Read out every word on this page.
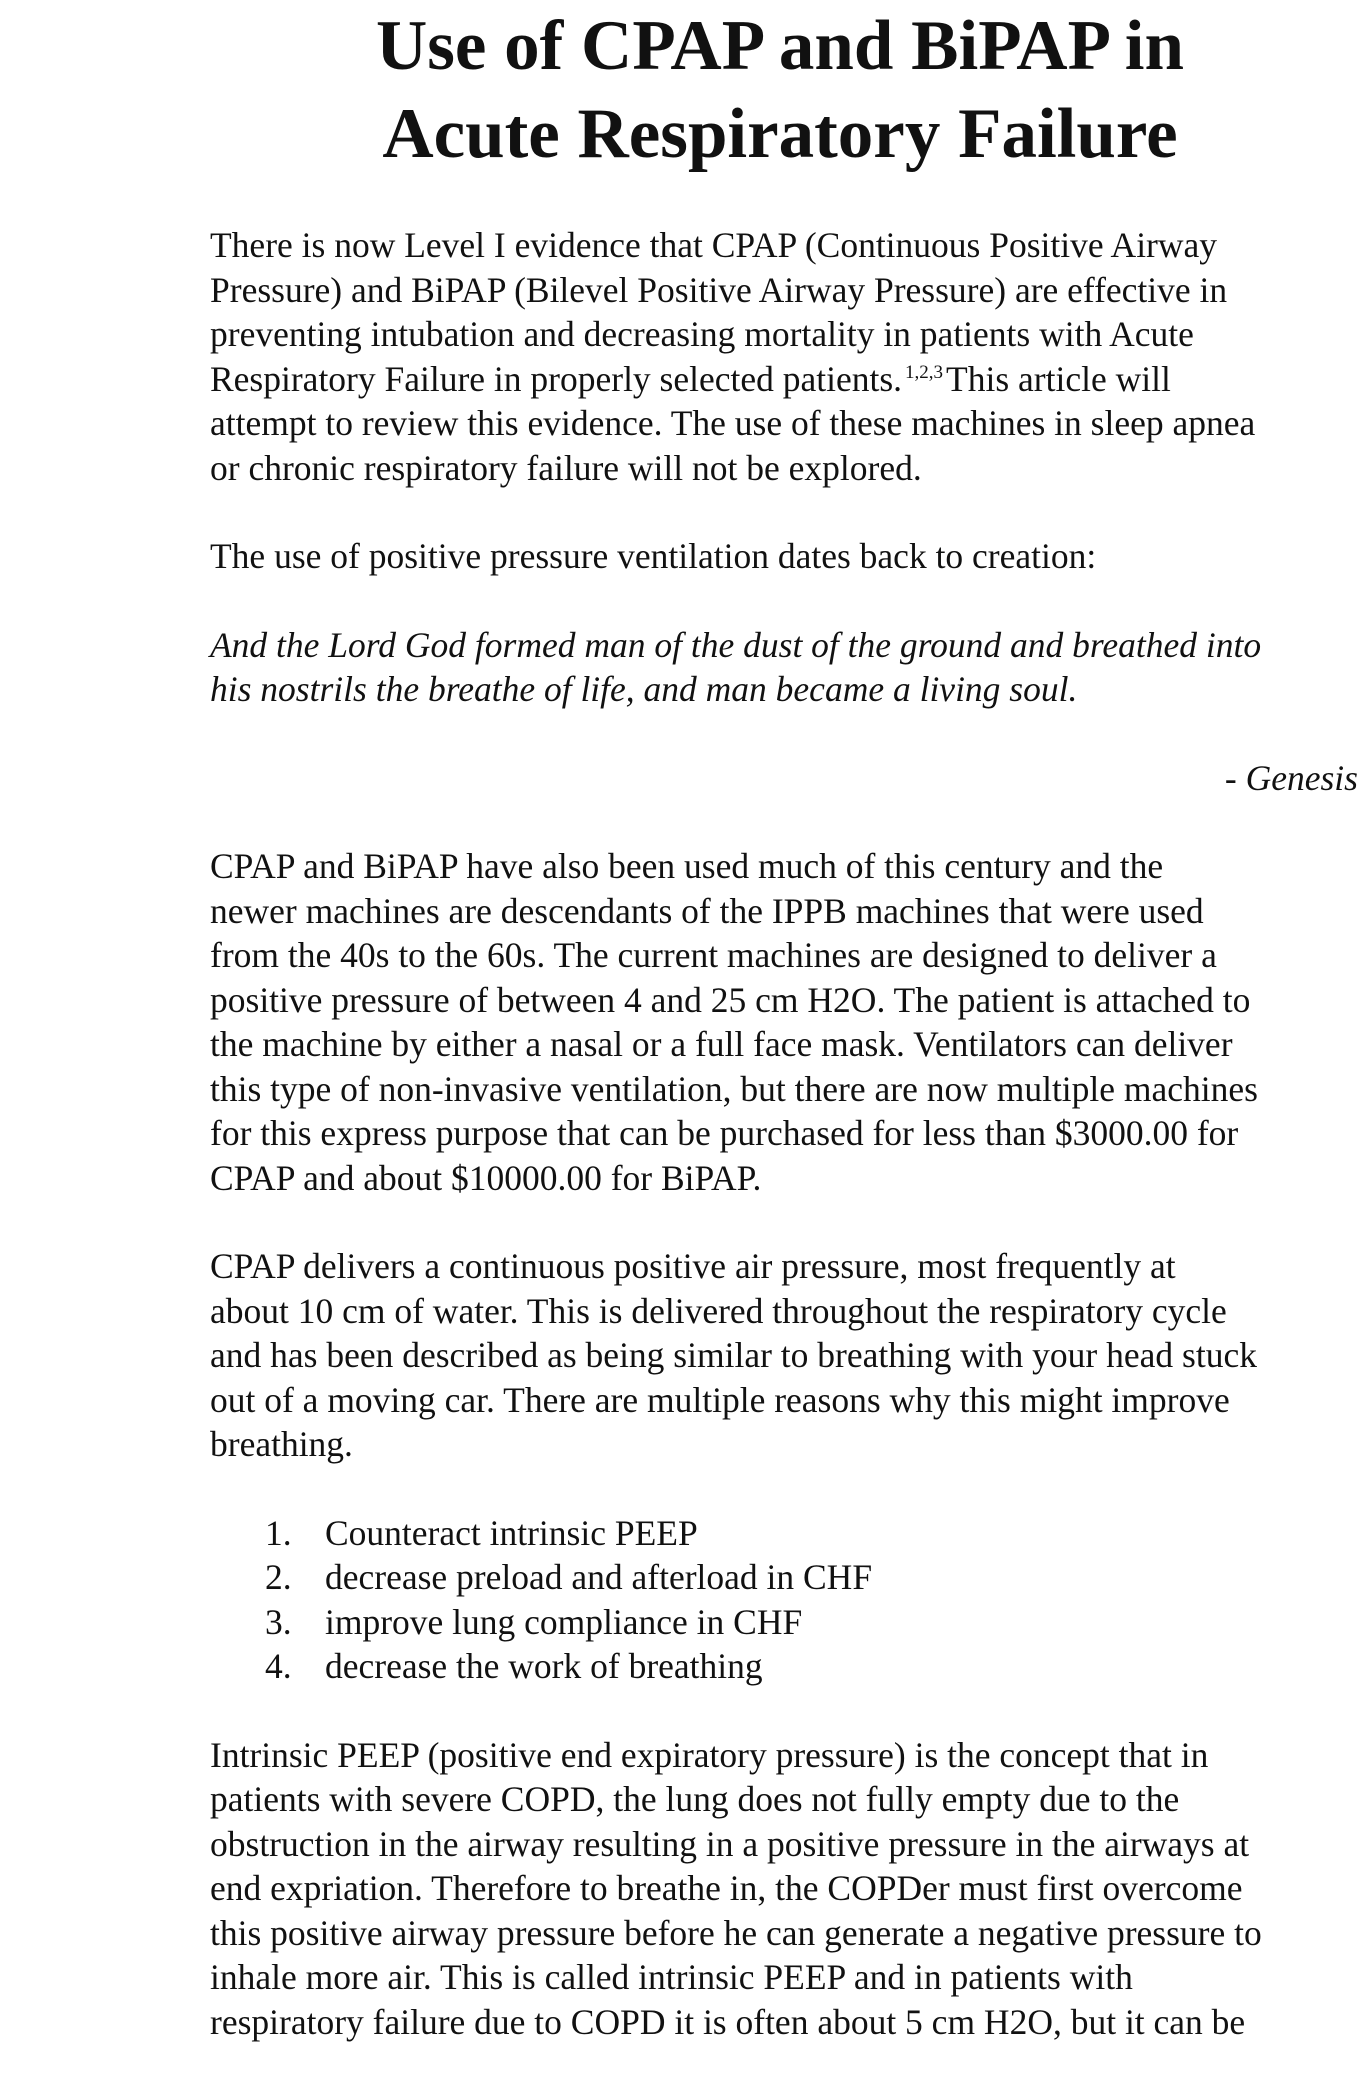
Use of CPAP and BiPAP in
Acute Respiratory Failure

There is now Level I evidence that CPAP (Continuous Positive Airway
Pressure) and BiPAP (Bilevel Positive Airway Pressure) are effective in
preventing intubation and decreasing mortality in patients with Acute
Respiratory Failure in properly selected patients. $^{1,2,3}$This article will
attempt to review this evidence. The use of these machines in sleep apnea
or chronic respiratory failure will not be explored.

The use of positive pressure ventilation dates back to creation:

And the Lord God formed man of the dust of the ground and breathed into
his nostrils the breathe of life, and man became a living soul.

- Genesis

CPAP and BiPAP have also been used much of this century and the
newer machines are descendants of the IPPB machines that were used
from the 40s to the 60s. The current machines are designed to deliver a
positive pressure of between 4 and 25 cm H2O. The patient is attached to
the machine by either a nasal or a full face mask. Ventilators can deliver
this type of non-invasive ventilation, but there are now multiple machines
for this express purpose that can be purchased for less than $3000.00 for
CPAP and about $10000.00 for BiPAP.

CPAP delivers a continuous positive air pressure, most frequently at
about 10 cm of water. This is delivered throughout the respiratory cycle
and has been described as being similar to breathing with your head stuck
out of a moving car. There are multiple reasons why this might improve
breathing.

1. Counteract intrinsic PEEP
2. decrease preload and afterload in CHF
3. improve lung compliance in CHF
4. decrease the work of breathing

Intrinsic PEEP (positive end expiratory pressure) is the concept that in
patients with severe COPD, the lung does not fully empty due to the
obstruction in the airway resulting in a positive pressure in the airways at
end expriation. Therefore to breathe in, the COPDer must first overcome
this positive airway pressure before he can generate a negative pressure to
inhale more air. This is called intrinsic PEEP and in patients with
respiratory failure due to COPD it is often about 5 cm H2O, but it can be
